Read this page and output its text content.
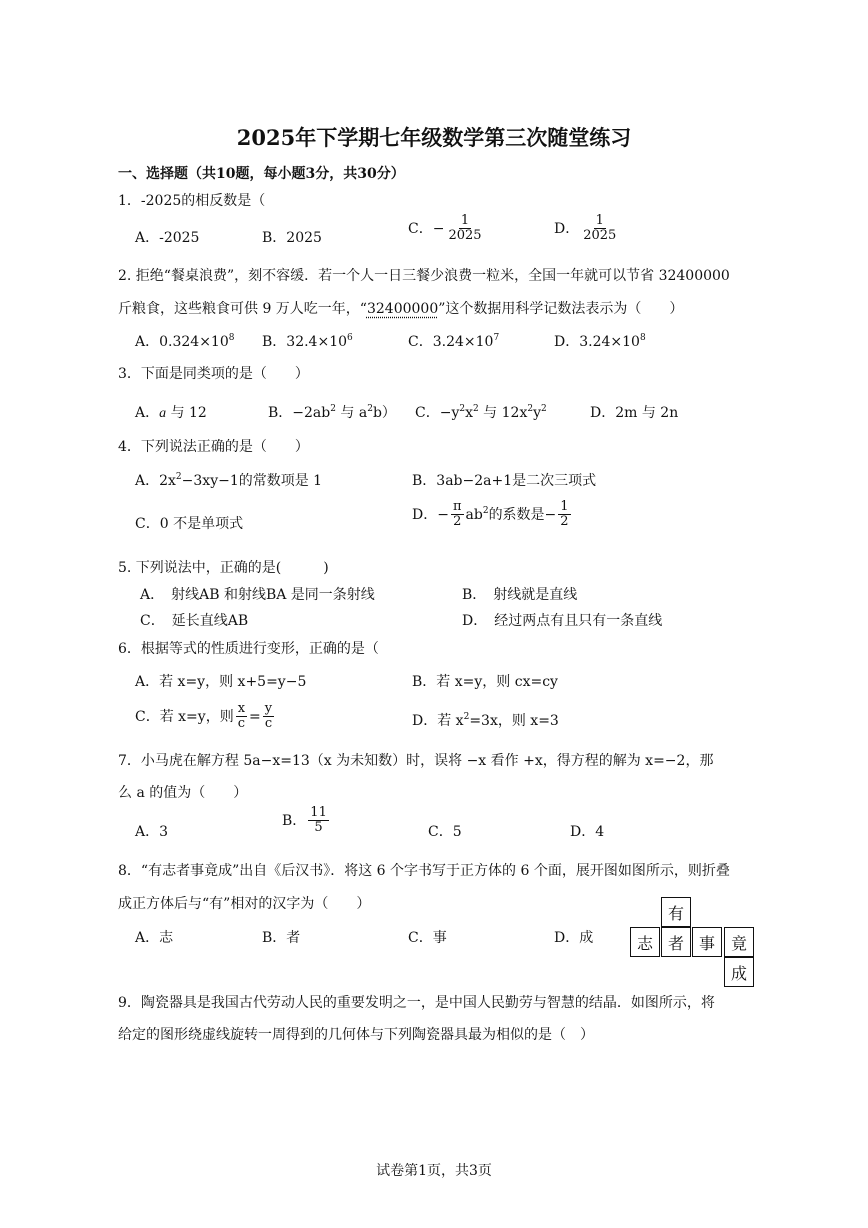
2025年下学期七年级数学第三次随堂练习
一、选择题（共10题，每小题3分，共30分）
1．-2025的相反数是（
A．-2025	B．2025
C．− $\frac{1}{2025}$	D． $\frac{1}{2025}$
2. 拒绝“餐桌浪费”，刻不容缓．若一个人一日三餐少浪费一粒米，全国一年就可以节省 32400000
斤粮食，这些粮食可供 9 万人吃一年，“32400000”这个数据用科学记数法表示为（　　）
A．$0.324\times 10^8$ B．$32.4\times 10^6$	C．$3.24\times 10^7$	D．$3.24\times 10^8$
3．下面是同类项的是（　　）
A．a 与 12	B．$-2ab^2$ 与 $a^2b$） C．$-y^2x^2$ 与 $12x^2y^2$	D．2m 与 2n
4．下列说法正确的是（　　）
A．$2x^2-3xy-1$的常数项是 1	B．3ab−2a+1是二次三项式
C．0 不是单项式
D．− $\frac{\pi}{2} ab^2$的系数是− $\frac{1}{2}$
5. 下列说法中，正确的是(　　　)
A．　射线AB 和射线BA 是同一条射线	B．　射线就是直线
C．　延长直线AB	D．　经过两点有且只有一条直线
6．根据等式的性质进行变形，正确的是（
A．若 x=y，则 x+5=y−5	B．若 x=y，则 cx=cy
C．若 x=y，则 $\frac{x}{c} = \frac{y}{c}$	D．若 $x^2=3x$，则 x=3
7．小马虎在解方程 5a−x=13（x 为未知数）时，误将 −x 看作 +x，得方程的解为 x=−2，那
么 a 的值为（　　）
A．3
B． $\frac{11}{5}$	C．5	D．4
8．“有志者事竟成”出自《后汉书》．将这 6 个字书写于正方体的 6 个面，展开图如图所示，则折叠
成正方体后与“有”相对的汉字为（　　）
A．志	B．者	C．事	D．成
有
志 者 事 竟
成
9．陶瓷器具是我国古代劳动人民的重要发明之一，是中国人民勤劳与智慧的结晶．如图所示，将
给定的图形绕虚线旋转一周得到的几何体与下列陶瓷器具最为相似的是（　）
试卷第1页，共3页
